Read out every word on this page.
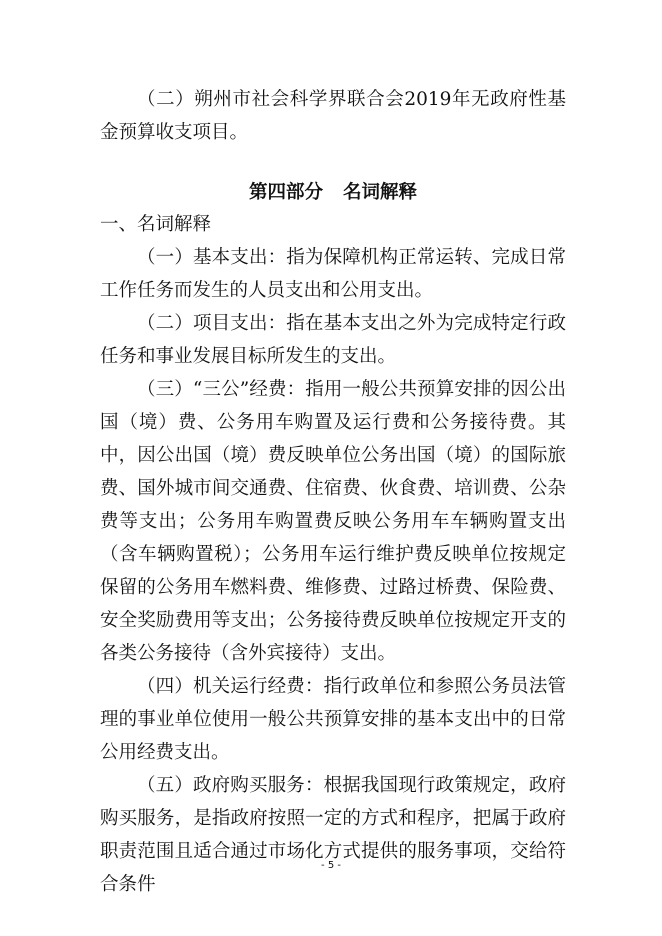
（二）朔州市社会科学界联合会2019年无政府性基金预算收支项目。

第四部分 名词解释

一、名词解释

（一）基本支出：指为保障机构正常运转、完成日常工作任务而发生的人员支出和公用支出。

（二）项目支出：指在基本支出之外为完成特定行政任务和事业发展目标所发生的支出。

（三）“三公”经费：指用一般公共预算安排的因公出国（境）费、公务用车购置及运行费和公务接待费。其中，因公出国（境）费反映单位公务出国（境）的国际旅费、国外城市间交通费、住宿费、伙食费、培训费、公杂费等支出；公务用车购置费反映公务用车车辆购置支出（含车辆购置税）；公务用车运行维护费反映单位按规定保留的公务用车燃料费、维修费、过路过桥费、保险费、安全奖励费用等支出；公务接待费反映单位按规定开支的各类公务接待（含外宾接待）支出。

（四）机关运行经费：指行政单位和参照公务员法管理的事业单位使用一般公共预算安排的基本支出中的日常公用经费支出。

（五）政府购买服务：根据我国现行政策规定，政府购买服务，是指政府按照一定的方式和程序，把属于政府职责范围且适合通过市场化方式提供的服务事项，交给符合条件

- 5 -
